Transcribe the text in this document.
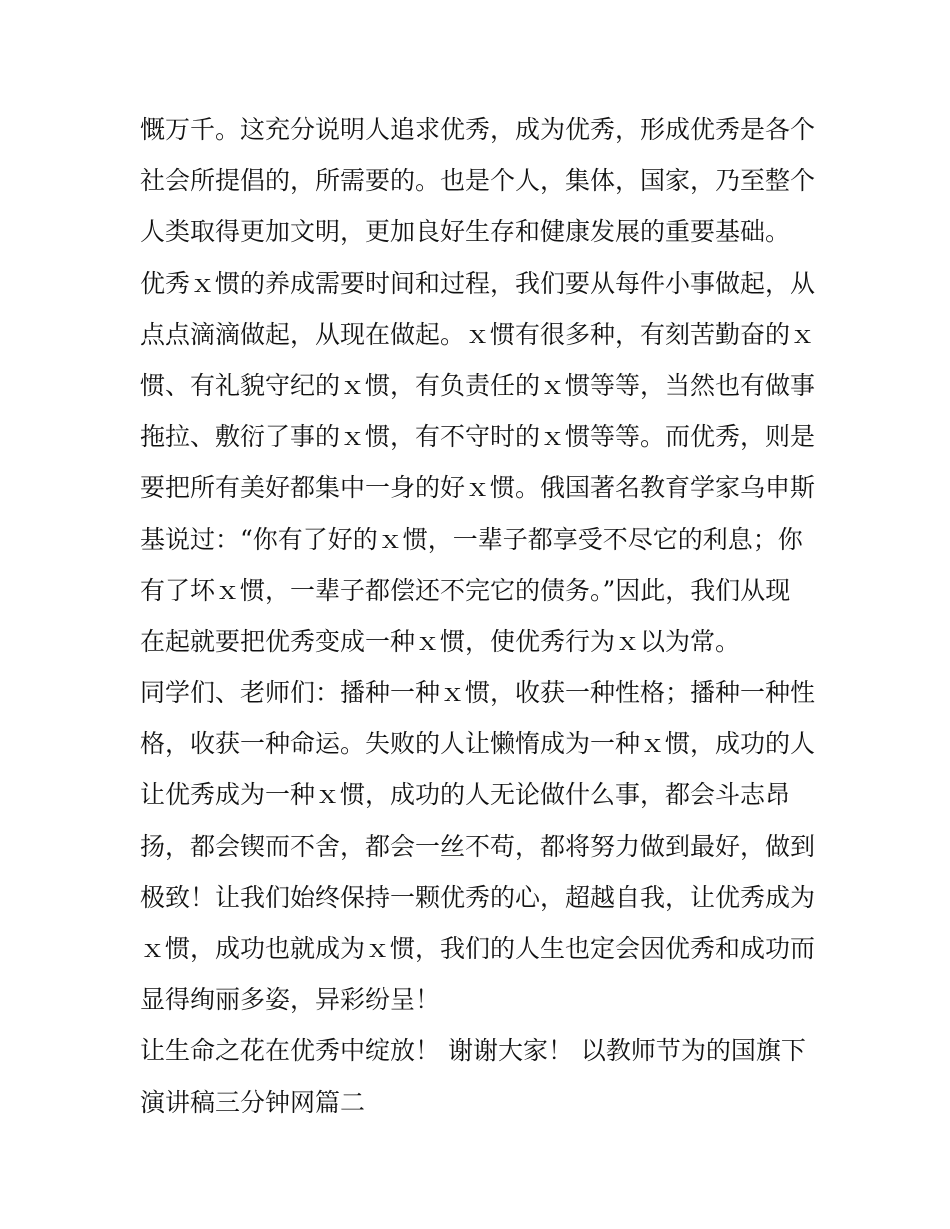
慨万千。这充分说明人追求优秀，成为优秀，形成优秀是各个
社会所提倡的，所需要的。也是个人，集体，国家，乃至整个
人类取得更加文明，更加良好生存和健康发展的重要基础。
优秀ｘ惯的养成需要时间和过程，我们要从每件小事做起，从
点点滴滴做起，从现在做起。ｘ惯有很多种，有刻苦勤奋的ｘ
惯、有礼貌守纪的ｘ惯，有负责任的ｘ惯等等，当然也有做事
拖拉、敷衍了事的ｘ惯，有不守时的ｘ惯等等。而优秀，则是
要把所有美好都集中一身的好ｘ惯。俄国著名教育学家乌申斯
基说过：“你有了好的ｘ惯，一辈子都享受不尽它的利息；你
有了坏ｘ惯，一辈子都偿还不完它的债务。”因此，我们从现
在起就要把优秀变成一种ｘ惯，使优秀行为ｘ以为常。
同学们、老师们：播种一种ｘ惯，收获一种性格；播种一种性
格，收获一种命运。失败的人让懒惰成为一种ｘ惯，成功的人
让优秀成为一种ｘ惯，成功的人无论做什么事，都会斗志昂
扬，都会锲而不舍，都会一丝不苟，都将努力做到最好，做到
极致！让我们始终保持一颗优秀的心，超越自我，让优秀成为
ｘ惯，成功也就成为ｘ惯，我们的人生也定会因优秀和成功而
显得绚丽多姿，异彩纷呈！
让生命之花在优秀中绽放！ 谢谢大家！ 以教师节为的国旗下
演讲稿三分钟网篇二
